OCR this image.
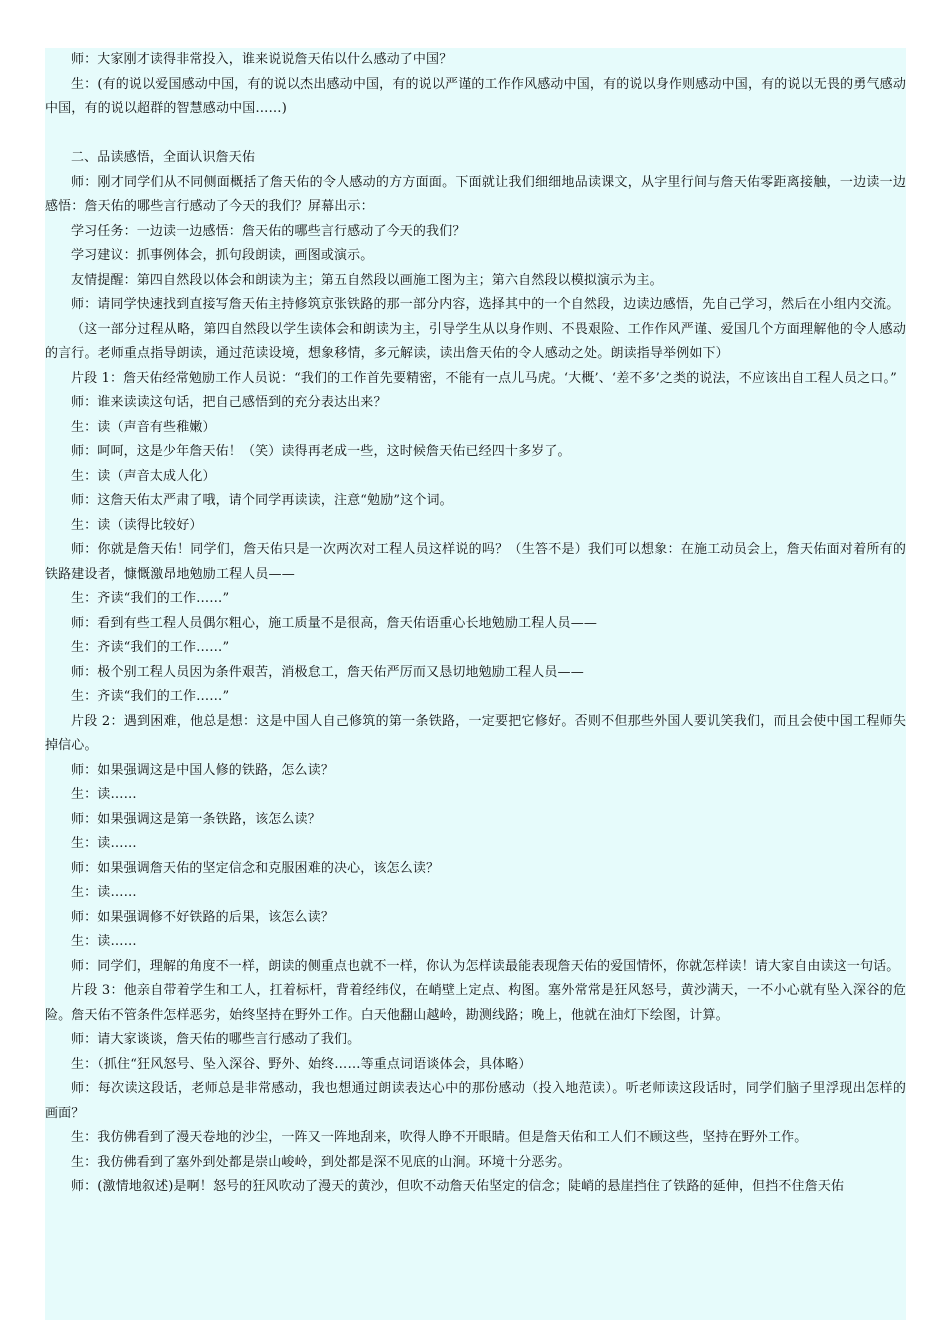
师：大家刚才读得非常投入，谁来说说詹天佑以什么感动了中国？

生：(有的说以爱国感动中国，有的说以杰出感动中国，有的说以严谨的工作作风感动中国，有的说以身作则感动中国，有的说以无畏的勇气感动中国，有的说以超群的智慧感动中国……)

二、品读感悟，全面认识詹天佑

师：刚才同学们从不同侧面概括了詹天佑的令人感动的方方面面。下面就让我们细细地品读课文，从字里行间与詹天佑零距离接触，一边读一边感悟：詹天佑的哪些言行感动了今天的我们？屏幕出示：

学习任务：一边读一边感悟：詹天佑的哪些言行感动了今天的我们？

学习建议：抓事例体会，抓句段朗读，画图或演示。

友情提醒：第四自然段以体会和朗读为主；第五自然段以画施工图为主；第六自然段以模拟演示为主。

师：请同学快速找到直接写詹天佑主持修筑京张铁路的那一部分内容，选择其中的一个自然段，边读边感悟，先自己学习，然后在小组内交流。

（这一部分过程从略，第四自然段以学生读体会和朗读为主，引导学生从以身作则、不畏艰险、工作作风严谨、爱国几个方面理解他的令人感动的言行。老师重点指导朗读，通过范读设境，想象移情，多元解读，读出詹天佑的令人感动之处。朗读指导举例如下）

片段 1：詹天佑经常勉励工作人员说：“我们的工作首先要精密，不能有一点儿马虎。‘大概’、‘差不多’之类的说法，不应该出自工程人员之口。”

师：谁来读读这句话，把自己感悟到的充分表达出来？

生：读（声音有些稚嫩）

师：呵呵，这是少年詹天佑！（笑）读得再老成一些，这时候詹天佑已经四十多岁了。

生：读（声音太成人化）

师：这詹天佑太严肃了哦，请个同学再读读，注意“勉励”这个词。

生：读（读得比较好）

师：你就是詹天佑！同学们，詹天佑只是一次两次对工程人员这样说的吗？（生答不是）我们可以想象：在施工动员会上，詹天佑面对着所有的铁路建设者，慷慨激昂地勉励工程人员——

生：齐读“我们的工作……”

师：看到有些工程人员偶尔粗心，施工质量不是很高，詹天佑语重心长地勉励工程人员——

生：齐读“我们的工作……”

师：极个别工程人员因为条件艰苦，消极怠工，詹天佑严厉而又恳切地勉励工程人员——

生：齐读“我们的工作……”

片段 2：遇到困难，他总是想：这是中国人自己修筑的第一条铁路，一定要把它修好。否则不但那些外国人要讥笑我们，而且会使中国工程师失掉信心。

师：如果强调这是中国人修的铁路，怎么读？

生：读……

师：如果强调这是第一条铁路，该怎么读？

生：读……

师：如果强调詹天佑的坚定信念和克服困难的决心，该怎么读？

生：读……

师：如果强调修不好铁路的后果，该怎么读？

生：读……

师：同学们，理解的角度不一样，朗读的侧重点也就不一样，你认为怎样读最能表现詹天佑的爱国情怀，你就怎样读！请大家自由读这一句话。

片段 3：他亲自带着学生和工人，扛着标杆，背着经纬仪，在峭壁上定点、构图。塞外常常是狂风怒号，黄沙满天，一不小心就有坠入深谷的危险。詹天佑不管条件怎样恶劣，始终坚持在野外工作。白天他翻山越岭，勘测线路；晚上，他就在油灯下绘图，计算。

师：请大家谈谈，詹天佑的哪些言行感动了我们。

生：（抓住“狂风怒号、坠入深谷、野外、始终……等重点词语谈体会，具体略）

师：每次读这段话，老师总是非常感动，我也想通过朗读表达心中的那份感动（投入地范读）。听老师读这段话时，同学们脑子里浮现出怎样的画面？

生：我仿佛看到了漫天卷地的沙尘，一阵又一阵地刮来，吹得人睁不开眼睛。但是詹天佑和工人们不顾这些，坚持在野外工作。

生：我仿佛看到了塞外到处都是崇山峻岭，到处都是深不见底的山涧。环境十分恶劣。

师：(激情地叙述)是啊！怒号的狂风吹动了漫天的黄沙，但吹不动詹天佑坚定的信念；陡峭的悬崖挡住了铁路的延伸，但挡不住詹天佑
